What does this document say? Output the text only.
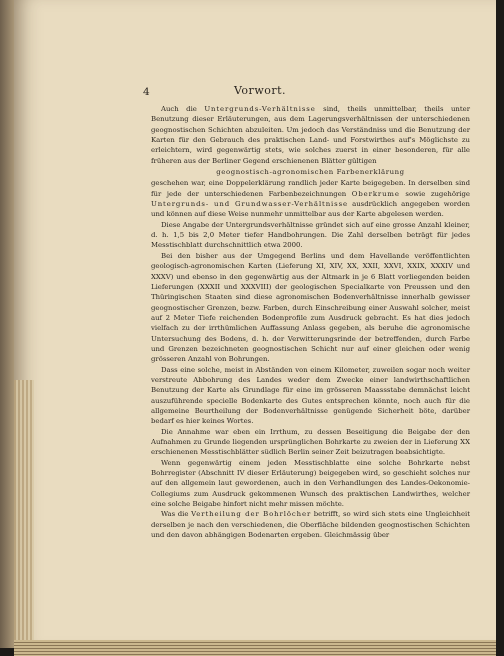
4	Vorwort.

Auch die Untergrunds-Verhältnisse sind, theils unmittelbar, theils unter Benutzung dieser Erläuterungen, aus dem Lagerungsverhältnissen der unterschiedenen geognostischen Schichten abzuleiten. Um jedoch das Verständniss und die Benutzung der Karten für den Gebrauch des praktischen Land- und Forstwirthes auf's Möglichste zu erleichtern, wird gegenwärtig stets, wie solches zuerst in einer besonderen, für alle früheren aus der Berliner Gegend erschienenen Blätter gültigen

geognostisch-agronomischen Farbenerklärung

geschehen war, eine Doppelerklärung randlich jeder Karte beigegeben. In derselben sind für jede der unterschiedenen Farbenbezeichnungen Oberkrume sowie zugehörige Untergrunds- und Grundwasser-Verhältnisse ausdrücklich angegeben worden und können auf diese Weise nunmehr unmittelbar aus der Karte abgelesen werden.

Diese Angabe der Untergrundsverhältnisse gründet sich auf eine grosse Anzahl kleiner, d. h. 1,5 bis 2,0 Meter tiefer Handbohrungen. Die Zahl derselben beträgt für jedes Messtischblatt durchschnittlich etwa 2000.

Bei den bisher aus der Umgegend Berlins und dem Havellande veröffentlichten geologisch-agronomischen Karten (Lieferung XI, XIV, XX, XXII, XXVI, XXIX, XXXIV und XXXV) und ebenso in den gegenwärtig aus der Altmark in je 6 Blatt vorliegenden beiden Lieferungen (XXXII und XXXVIII) der geologischen Specialkarte von Preussen und den Thüringischen Staaten sind diese agronomischen Bodenverhältnisse innerhalb gewisser geognostischer Grenzen, bezw. Farben, durch Einschreibung einer Auswahl solcher, meist auf 2 Meter Tiefe reichenden Bodenprofile zum Ausdruck gebracht. Es hat dies jedoch vielfach zu der irrthümlichen Auffassung Anlass gegeben, als beruhe die agronomische Untersuchung des Bodens, d. h. der Verwitterungsrinde der betreffenden, durch Farbe und Grenzen bezeichneten geognostischen Schicht nur auf einer gleichen oder wenig grösseren Anzahl von Bohrungen.

Dass eine solche, meist in Abständen von einem Kilometer, zuweilen sogar noch weiter verstreute Abbohrung des Landes weder dem Zwecke einer landwirthschaftlichen Benutzung der Karte als Grundlage für eine im grösseren Maassstabe demnächst leicht auszuführende specielle Bodenkarte des Gutes entsprechen könnte, noch auch für die allgemeine Beurtheilung der Bodenverhältnisse genügende Sicherheit böte, darüber bedarf es hier keines Wortes.

Die Annahme war eben ein Irrthum, zu dessen Beseitigung die Beigabe der den Aufnahmen zu Grunde liegenden ursprünglichen Bohrkarte zu zweien der in Lieferung XX erschienenen Messtischblätter südlich Berlin seiner Zeit beizutragen beabsichtigte.

Wenn gegenwärtig einem jeden Messtischblatte eine solche Bohrkarte nebst Bohrregister (Abschnitt IV dieser Erläuterung) beigegeben wird, so geschieht solches nur auf den allgemein laut gewordenen, auch in den Verhandlungen des Landes-Oekonomie-Collegiums zum Ausdruck gekommenen Wunsch des praktischen Landwirthes, welcher eine solche Beigabe hinfort nicht mehr missen möchte.

Was die Vertheilung der Bohrlöcher betrifft, so wird sich stets eine Ungleichheit derselben je nach den verschiedenen, die Oberfläche bildenden geognostischen Schichten und den davon abhängigen Bodenarten ergeben. Gleichmässig über
